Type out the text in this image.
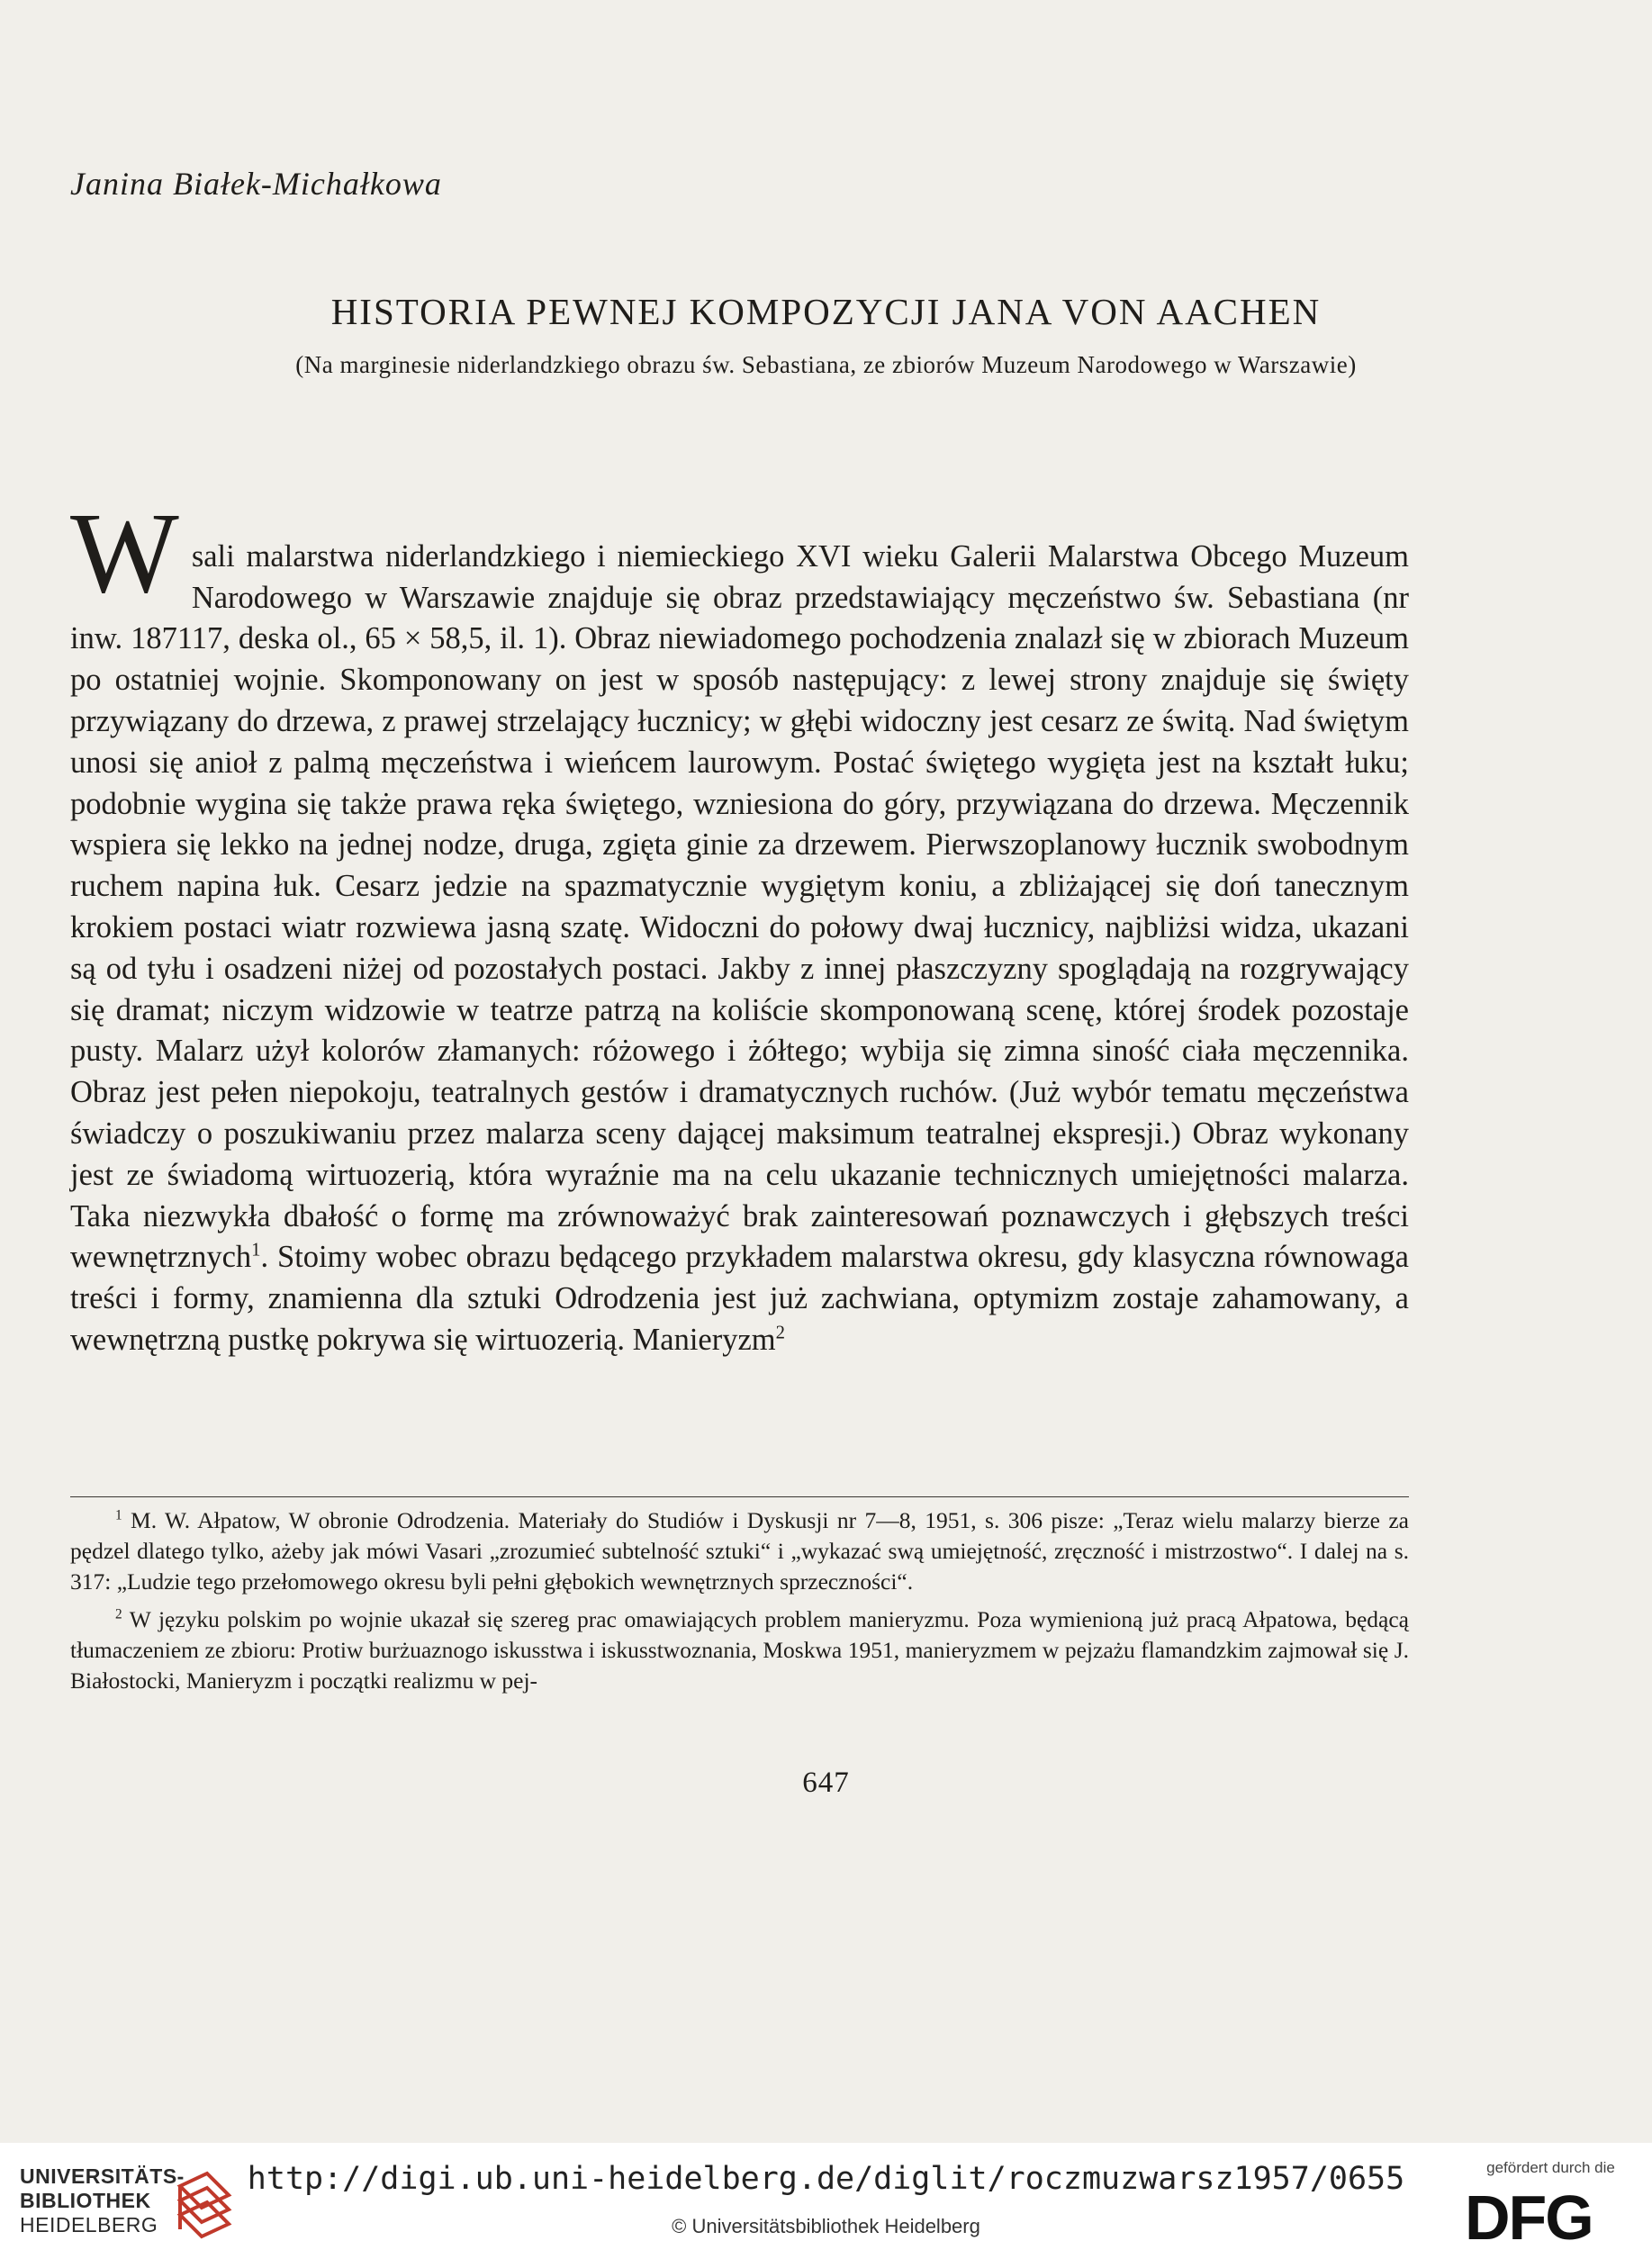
Janina Białek-Michałkowa
HISTORIA PEWNEJ KOMPOZYCJI JANA VON AACHEN
(Na marginesie niderlandzkiego obrazu św. Sebastiana, ze zbiorów Muzeum Narodowego w Warszawie)
W sali malarstwa niderlandzkiego i niemieckiego XVI wieku Galerii Malarstwa Obcego Muzeum Narodowego w Warszawie znajduje się obraz przedstawiający męczeństwo św. Sebastiana (nr inw. 187117, deska ol., 65 × 58,5, il. 1). Obraz niewiadomego pochodzenia znalazł się w zbiorach Muzeum po ostatniej wojnie. Skomponowany on jest w sposób następujący: z lewej strony znajduje się święty przywiązany do drzewa, z prawej strzelający łucznicy; w głębi widoczny jest cesarz ze świtą. Nad świętym unosi się anioł z palmą męczeństwa i wieńcem laurowym. Postać świętego wygięta jest na kształt łuku; podobnie wygina się także prawa ręka świętego, wzniesiona do góry, przywiązana do drzewa. Męczennik wspiera się lekko na jednej nodze, druga, zgięta ginie za drzewem. Pierwszoplanowy łucznik swobodnym ruchem napina łuk. Cesarz jedzie na spazmatycznie wygiętym koniu, a zbliżającej się doń tanecznym krokiem postaci wiatr rozwiewa jasną szatę. Widoczni do połowy dwaj łucznicy, najbliżsi widza, ukazani są od tyłu i osadzeni niżej od pozostałych postaci. Jakby z innej płaszczyzny spoglądają na rozgrywający się dramat; niczym widzowie w teatrze patrzą na koliście skomponowaną scenę, której środek pozostaje pusty. Malarz użył kolorów złamanych: różowego i żółtego; wybija się zimna siność ciała męczennika. Obraz jest pełen niepokoju, teatralnych gestów i dramatycznych ruchów. (Już wybór tematu męczeństwa świadczy o poszukiwaniu przez malarza sceny dającej maksimum teatralnej ekspresji.) Obraz wykonany jest ze świadomą wirtuozerią, która wyraźnie ma na celu ukazanie technicznych umiejętności malarza. Taka niezwykła dbałość o formę ma zrównoważyć brak zainteresowań poznawczych i głębszych treści wewnętrznych$^1$. Stoimy wobec obrazu będącego przykładem malarstwa okresu, gdy klasyczna równowaga treści i formy, znamienna dla sztuki Odrodzenia jest już zachwiana, optymizm zostaje zahamowany, a wewnętrzną pustkę pokrywa się wirtuozerią. Manieryzm$^2$

$^1$ M. W. Ałpatow, W obronie Odrodzenia. Materiały do Studiów i Dyskusji nr 7—8, 1951, s. 306 pisze: „Teraz wielu malarzy bierze za pędzel dlatego tylko, ażeby jak mówi Vasari „zrozumieć subtelność sztuki“ i „wykazać swą umiejętność, zręczność i mistrzostwo“. I dalej na s. 317: „Ludzie tego przełomowego okresu byli pełni głębokich wewnętrznych sprzeczności“.

$^2$ W języku polskim po wojnie ukazał się szereg prac omawiających problem manieryzmu. Poza wymienioną już pracą Ałpatowa, będącą tłumaczeniem ze zbioru: Protiw burżuaznogo iskusstwa i iskusstwoznania, Moskwa 1951, manieryzmem w pejzażu flamandzkim zajmował się J. Białostocki, Manieryzm i początki realizmu w pej-

647
UNIVERSITÄTS-
BIBLIOTHEK
HEIDELBERG
http://digi.ub.uni-heidelberg.de/diglit/roczmuzwarsz1957/0655
© Universitätsbibliothek Heidelberg
gefördert durch die
DFG
